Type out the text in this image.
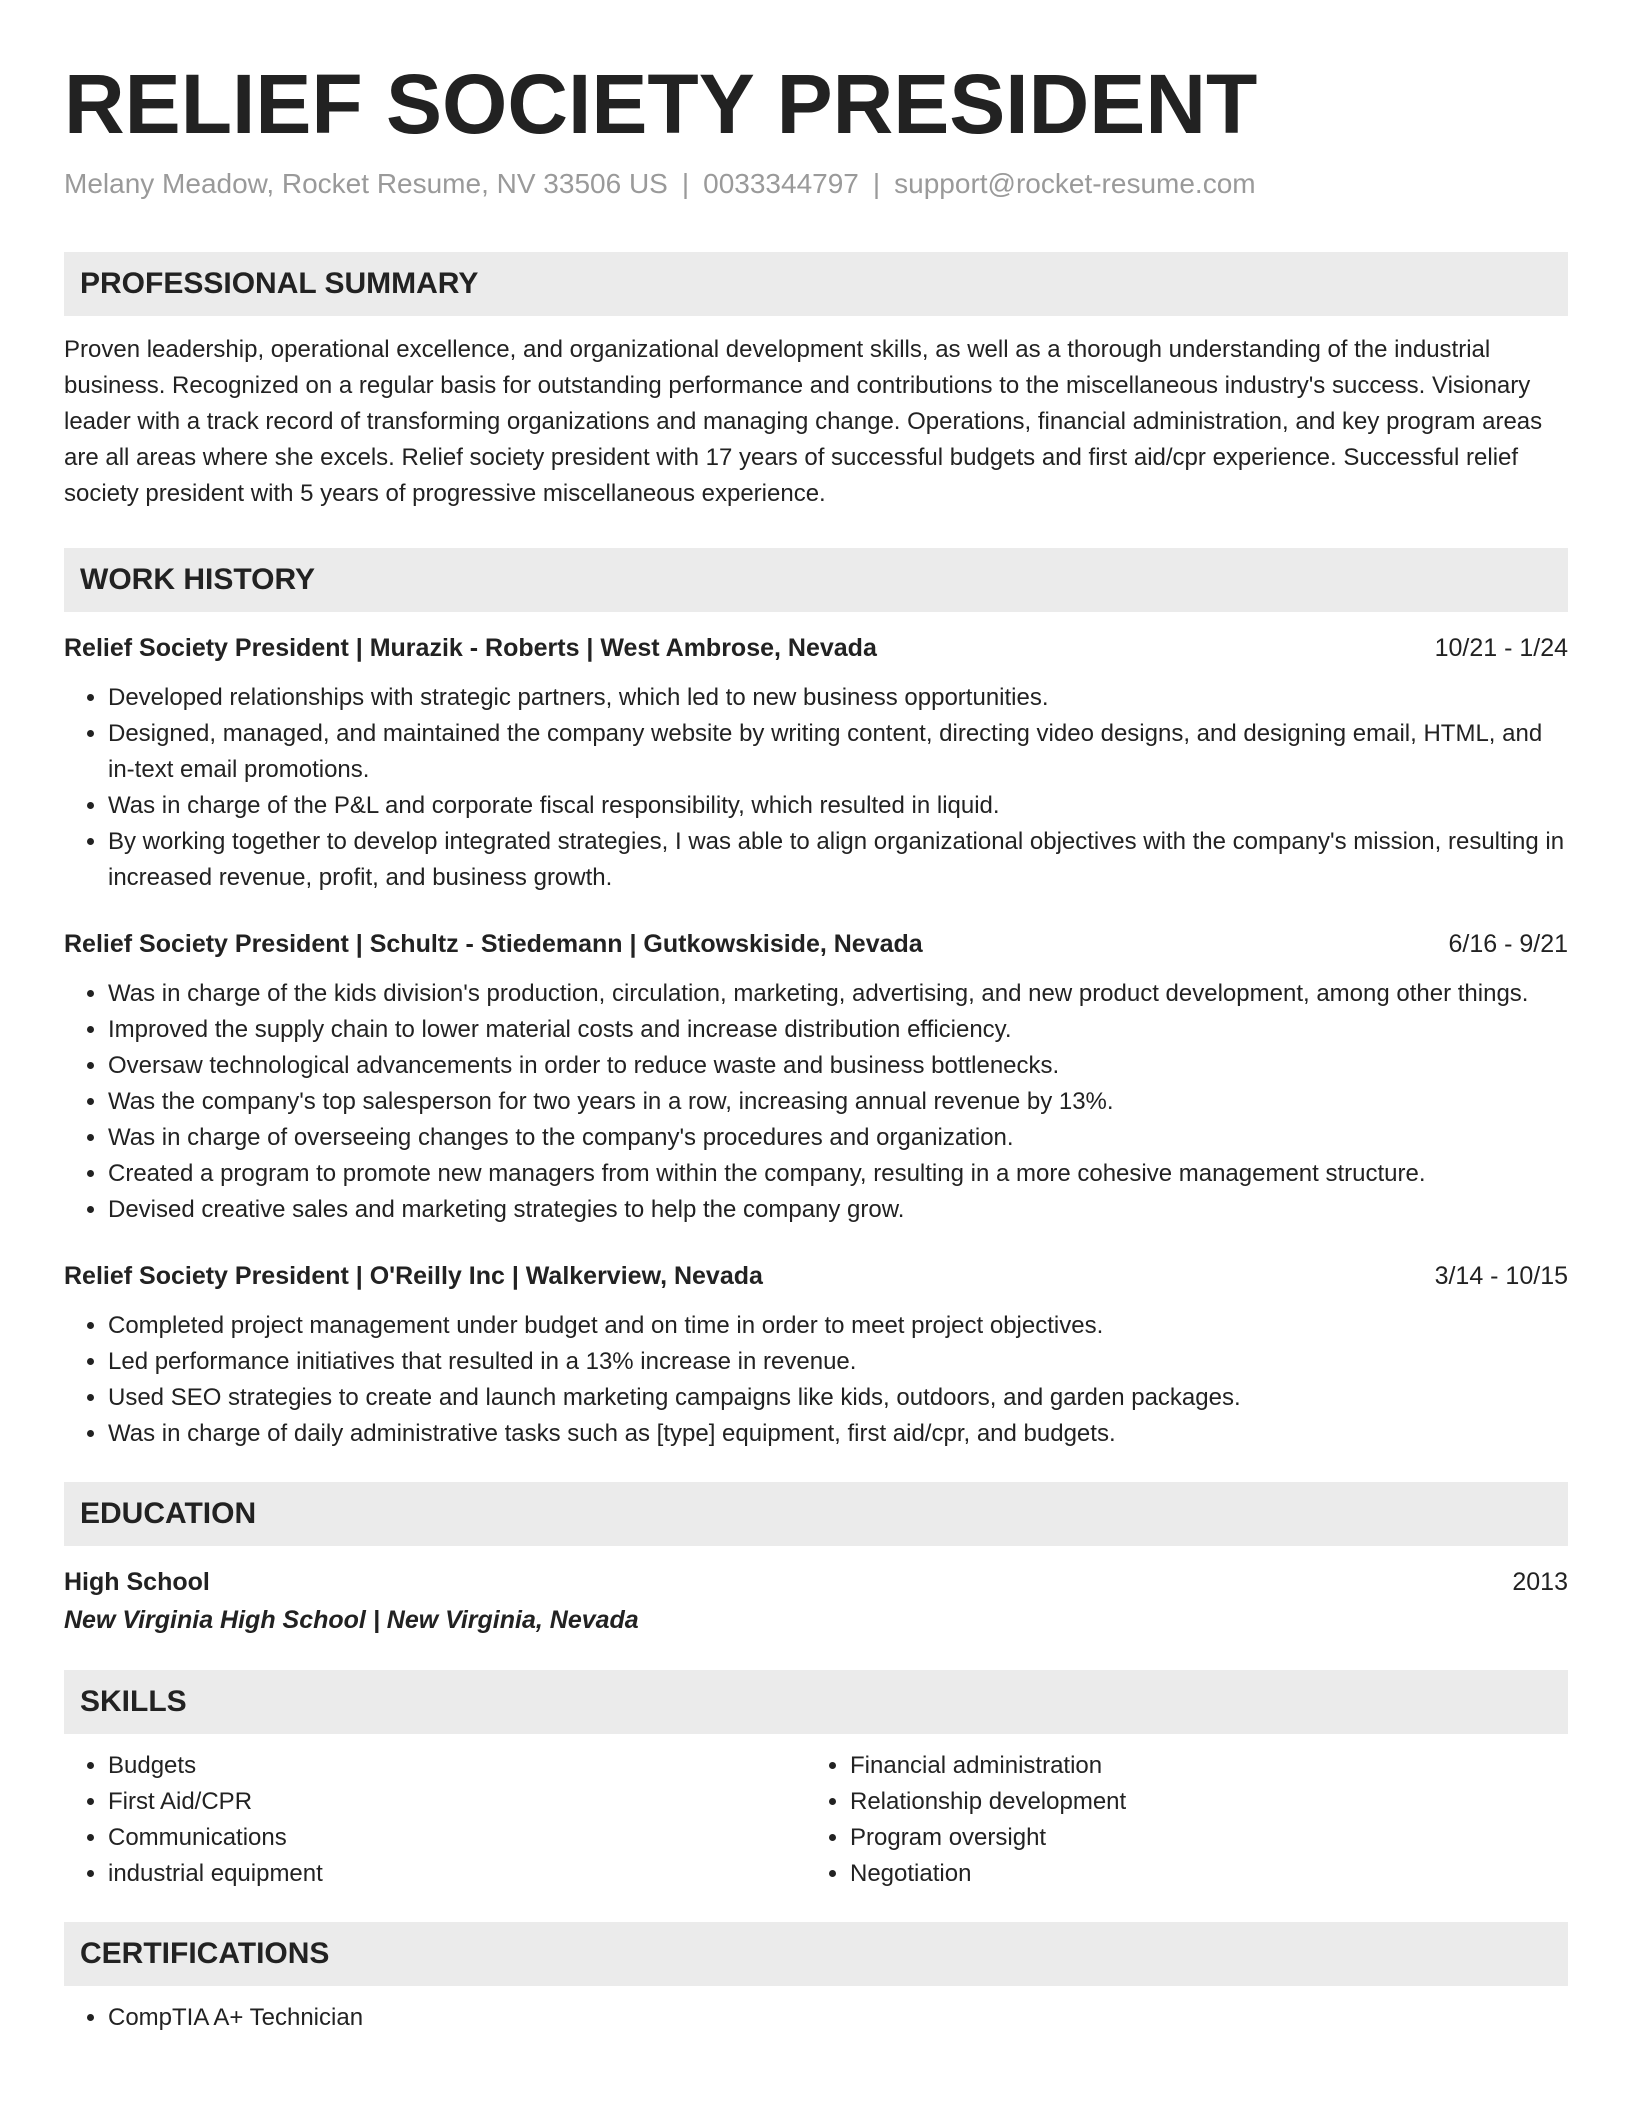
RELIEF SOCIETY PRESIDENT
Melany Meadow, Rocket Resume, NV 33506 US | 0033344797 | support@rocket-resume.com
PROFESSIONAL SUMMARY
Proven leadership, operational excellence, and organizational development skills, as well as a thorough understanding of the industrial business. Recognized on a regular basis for outstanding performance and contributions to the miscellaneous industry's success. Visionary leader with a track record of transforming organizations and managing change. Operations, financial administration, and key program areas are all areas where she excels. Relief society president with 17 years of successful budgets and first aid/cpr experience. Successful relief society president with 5 years of progressive miscellaneous experience.
WORK HISTORY
Relief Society President | Murazik - Roberts | West Ambrose, Nevada	10/21 - 1/24
• Developed relationships with strategic partners, which led to new business opportunities.
• Designed, managed, and maintained the company website by writing content, directing video designs, and designing email, HTML, and in-text email promotions.
• Was in charge of the P&L and corporate fiscal responsibility, which resulted in liquid.
• By working together to develop integrated strategies, I was able to align organizational objectives with the company's mission, resulting in increased revenue, profit, and business growth.
Relief Society President | Schultz - Stiedemann | Gutkowskiside, Nevada	6/16 - 9/21
• Was in charge of the kids division's production, circulation, marketing, advertising, and new product development, among other things.
• Improved the supply chain to lower material costs and increase distribution efficiency.
• Oversaw technological advancements in order to reduce waste and business bottlenecks.
• Was the company's top salesperson for two years in a row, increasing annual revenue by 13%.
• Was in charge of overseeing changes to the company's procedures and organization.
• Created a program to promote new managers from within the company, resulting in a more cohesive management structure.
• Devised creative sales and marketing strategies to help the company grow.
Relief Society President | O'Reilly Inc | Walkerview, Nevada	3/14 - 10/15
• Completed project management under budget and on time in order to meet project objectives.
• Led performance initiatives that resulted in a 13% increase in revenue.
• Used SEO strategies to create and launch marketing campaigns like kids, outdoors, and garden packages.
• Was in charge of daily administrative tasks such as [type] equipment, first aid/cpr, and budgets.
EDUCATION
High School	2013
New Virginia High School | New Virginia, Nevada
SKILLS
• Budgets
• First Aid/CPR
• Communications
• industrial equipment
• Financial administration
• Relationship development
• Program oversight
• Negotiation
CERTIFICATIONS
• CompTIA A+ Technician
